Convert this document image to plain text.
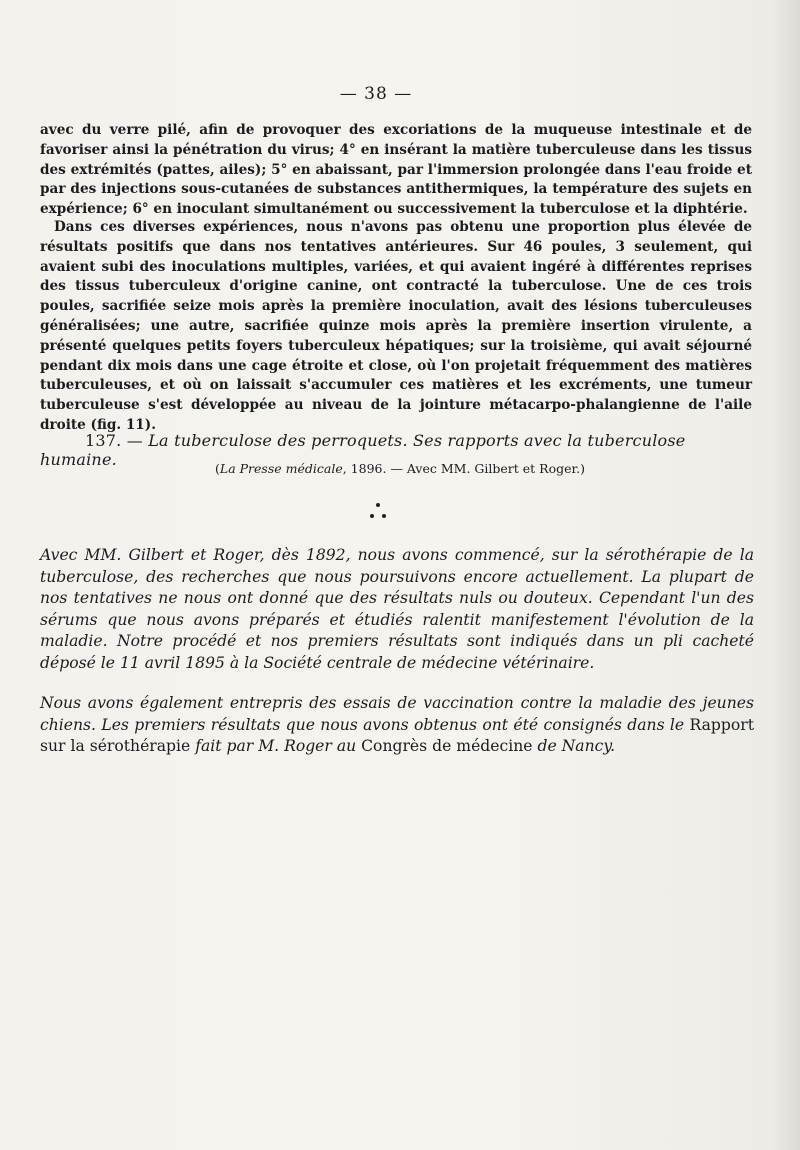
— 38 —

avec du verre pilé, afin de provoquer des excoriations de la muqueuse intestinale et de favoriser ainsi la pénétration du virus; 4° en insérant la matière tuberculeuse dans les tissus des extrémités (pattes, ailes); 5° en abaissant, par l'immersion prolongée dans l'eau froide et par des injections sous-cutanées de substances antithermiques, la température des sujets en expérience; 6° en inoculant simultanément ou successivement la tuberculose et la diphtérie.

Dans ces diverses expériences, nous n'avons pas obtenu une proportion plus élevée de résultats positifs que dans nos tentatives antérieures. Sur 46 poules, 3 seulement, qui avaient subi des inoculations multiples, variées, et qui avaient ingéré à différentes reprises des tissus tuberculeux d'origine canine, ont contracté la tuberculose. Une de ces trois poules, sacrifiée seize mois après la première inoculation, avait des lésions tuberculeuses généralisées; une autre, sacrifiée quinze mois après la première insertion virulente, a présenté quelques petits foyers tuberculeux hépatiques; sur la troisième, qui avait séjourné pendant dix mois dans une cage étroite et close, où l'on projetait fréquemment des matières tuberculeuses, et où on laissait s'accumuler ces matières et les excréments, une tumeur tuberculeuse s'est développée au niveau de la jointure métacarpo-phalangienne de l'aile droite (fig. 11).

137. — La tuberculose des perroquets. Ses rapports avec la tuberculose humaine.	(La Presse médicale, 1896. — Avec MM. Gilbert et Roger.)

Avec MM. Gilbert et Roger, dès 1892, nous avons commencé, sur la sérothérapie de la tuberculose, des recherches que nous poursuivons encore actuellement. La plupart de nos tentatives ne nous ont donné que des résultats nuls ou douteux. Cependant l'un des sérums que nous avons préparés et étudiés ralentit manifestement l'évolution de la maladie. Notre procédé et nos premiers résultats sont indiqués dans un pli cacheté déposé le 11 avril 1895 à la Société centrale de médecine vétérinaire.

Nous avons également entrepris des essais de vaccination contre la maladie des jeunes chiens. Les premiers résultats que nous avons obtenus ont été consignés dans le Rapport sur la sérothérapie fait par M. Roger au Congrès de médecine de Nancy.
